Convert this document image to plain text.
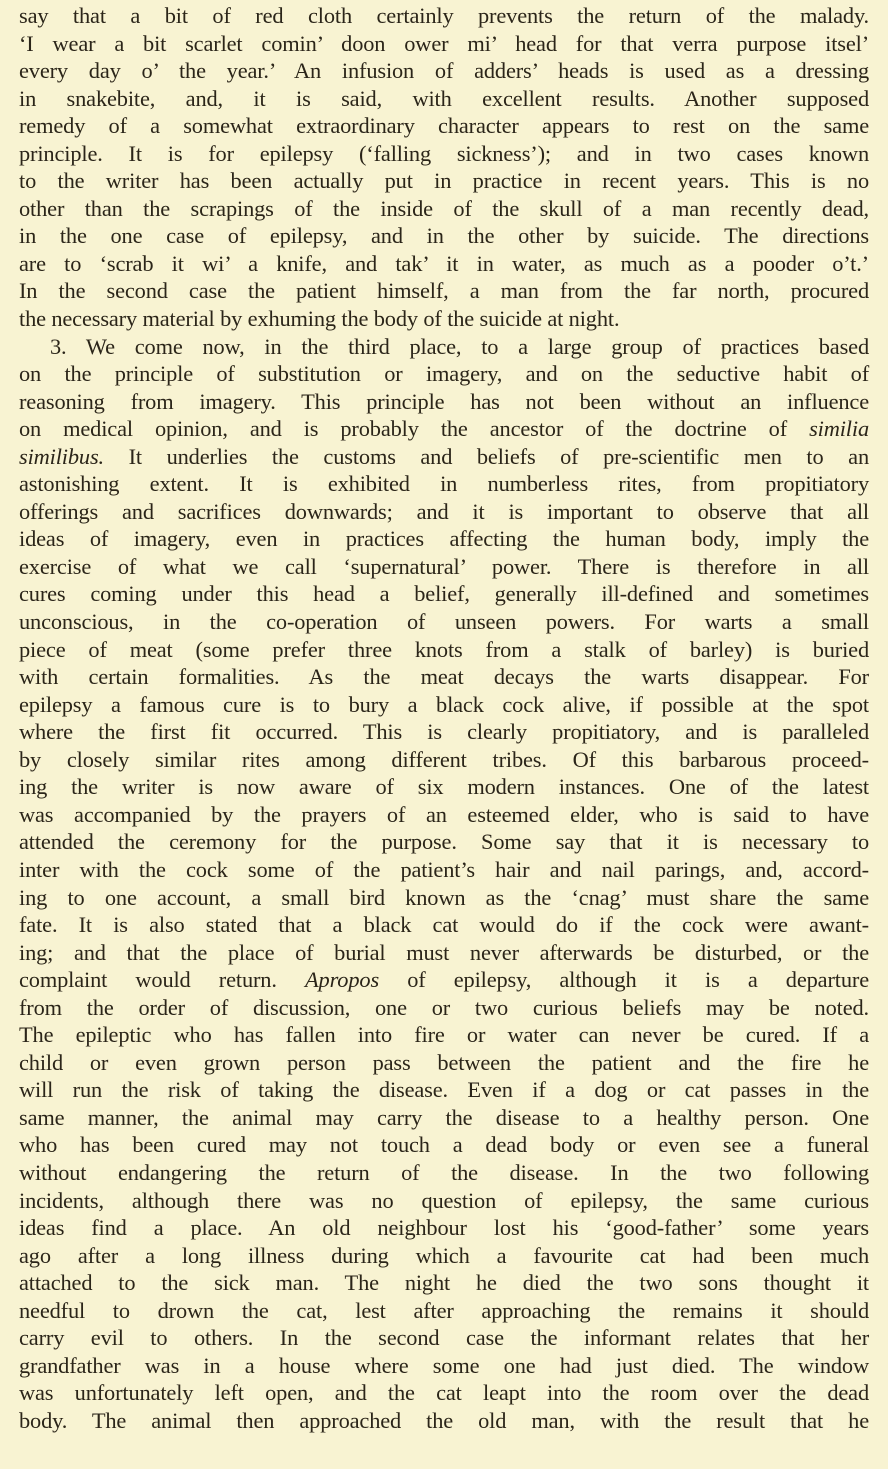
say that a bit of red cloth certainly prevents the return of the malady.
‘I wear a bit scarlet comin’ doon ower mi’ head for that verra purpose itsel’
every day o’ the year.’ An infusion of adders’ heads is used as a dressing
in snakebite, and, it is said, with excellent results. Another supposed
remedy of a somewhat extraordinary character appears to rest on the same
principle. It is for epilepsy (‘falling sickness’); and in two cases known
to the writer has been actually put in practice in recent years. This is no
other than the scrapings of the inside of the skull of a man recently dead,
in the one case of epilepsy, and in the other by suicide. The directions
are to ‘scrab it wi’ a knife, and tak’ it in water, as much as a pooder o’t.’
In the second case the patient himself, a man from the far north, procured
the necessary material by exhuming the body of the suicide at night.
3. We come now, in the third place, to a large group of practices based
on the principle of substitution or imagery, and on the seductive habit of
reasoning from imagery. This principle has not been without an influence
on medical opinion, and is probably the ancestor of the doctrine of similia
similibus. It underlies the customs and beliefs of pre-scientific men to an
astonishing extent. It is exhibited in numberless rites, from propitiatory
offerings and sacrifices downwards; and it is important to observe that all
ideas of imagery, even in practices affecting the human body, imply the
exercise of what we call ‘supernatural’ power. There is therefore in all
cures coming under this head a belief, generally ill-defined and sometimes
unconscious, in the co-operation of unseen powers. For warts a small
piece of meat (some prefer three knots from a stalk of barley) is buried
with certain formalities. As the meat decays the warts disappear. For
epilepsy a famous cure is to bury a black cock alive, if possible at the spot
where the first fit occurred. This is clearly propitiatory, and is paralleled
by closely similar rites among different tribes. Of this barbarous proceed-
ing the writer is now aware of six modern instances. One of the latest
was accompanied by the prayers of an esteemed elder, who is said to have
attended the ceremony for the purpose. Some say that it is necessary to
inter with the cock some of the patient’s hair and nail parings, and, accord-
ing to one account, a small bird known as the ‘cnag’ must share the same
fate. It is also stated that a black cat would do if the cock were awant-
ing; and that the place of burial must never afterwards be disturbed, or the
complaint would return. Apropos of epilepsy, although it is a departure
from the order of discussion, one or two curious beliefs may be noted.
The epileptic who has fallen into fire or water can never be cured. If a
child or even grown person pass between the patient and the fire he
will run the risk of taking the disease. Even if a dog or cat passes in the
same manner, the animal may carry the disease to a healthy person. One
who has been cured may not touch a dead body or even see a funeral
without endangering the return of the disease. In the two following
incidents, although there was no question of epilepsy, the same curious
ideas find a place. An old neighbour lost his ‘good-father’ some years
ago after a long illness during which a favourite cat had been much
attached to the sick man. The night he died the two sons thought it
needful to drown the cat, lest after approaching the remains it should
carry evil to others. In the second case the informant relates that her
grandfather was in a house where some one had just died. The window
was unfortunately left open, and the cat leapt into the room over the dead
body. The animal then approached the old man, with the result that he
